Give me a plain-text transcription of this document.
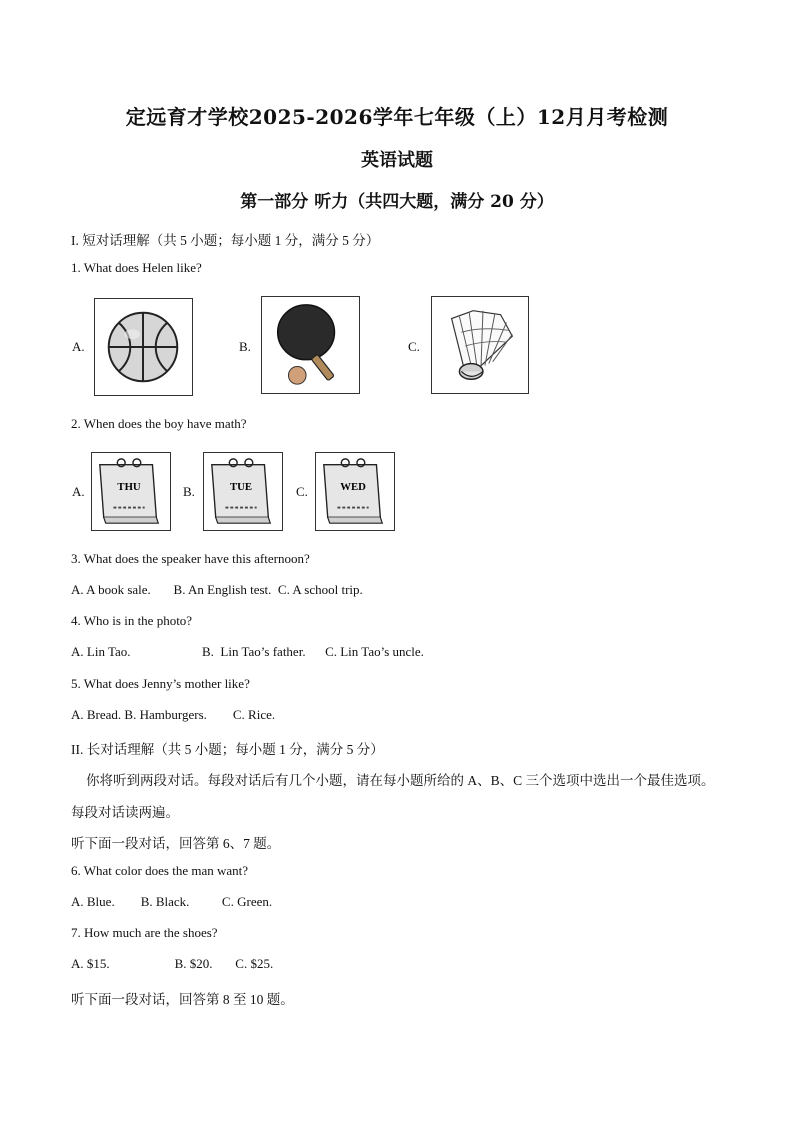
定远育才学校2025-2026学年七年级（上）12月月考检测
英语试题
第一部分 听力（共四大题，满分 20 分）
I. 短对话理解（共 5 小题；每小题 1 分，满分 5 分）
1. What does Helen like?
A.	B.	C.
2. When does the boy have math?
A.	THU	B.	TUE	C.	WED
3. What does the speaker have this afternoon?
A. A book sale.       B. An English test.  C. A school trip.
4. Who is in the photo?
A. Lin Tao.                      B.  Lin Tao’s father.      C. Lin Tao’s uncle.
5. What does Jenny’s mother like?
A. Bread. B. Hamburgers.        C. Rice.
II. 长对话理解（共 5 小题；每小题 1 分，满分 5 分）
你将听到两段对话。每段对话后有几个小题，请在每小题所给的 A、B、C 三个选项中选出一个最佳选项。
每段对话读两遍。
听下面一段对话，回答第 6、7 题。
6. What color does the man want?
A. Blue.        B. Black.          C. Green.
7. How much are the shoes?
A. $15.                    B. $20.       C. $25.
听下面一段对话，回答第 8 至 10 题。
